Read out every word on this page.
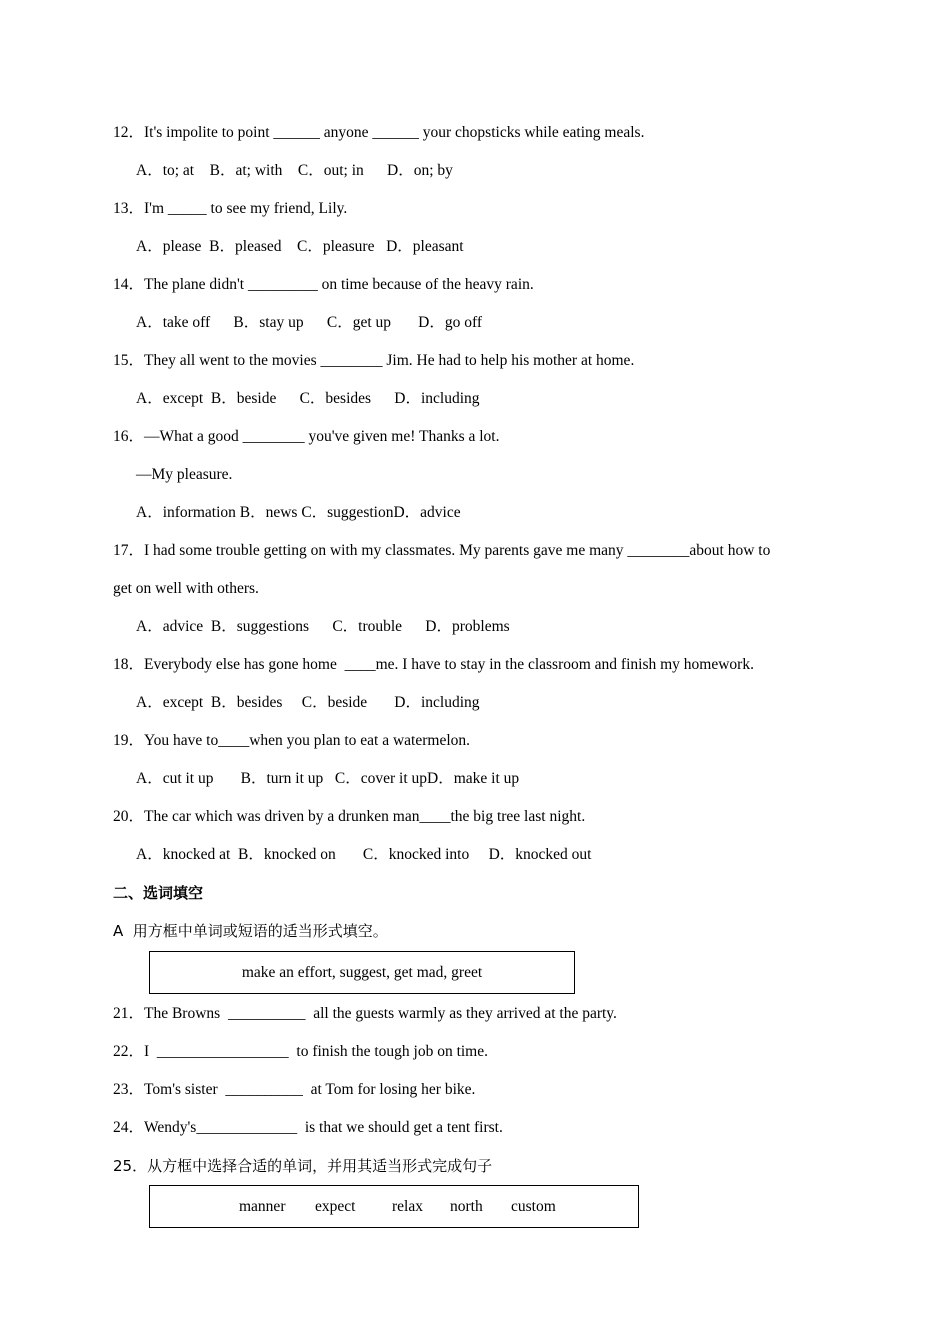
12．It's impolite to point ______ anyone ______ your chopsticks while eating meals.
A．to; at    B．at; with    C．out; in      D．on; by
13．I'm _____ to see my friend, Lily.
A．please  B．pleased    C．pleasure   D．pleasant
14．The plane didn't _________ on time because of the heavy rain.
A．take off      B．stay up      C．get up       D．go off
15．They all went to the movies ________ Jim. He had to help his mother at home.
A．except  B．beside      C．besides      D．including
16．—What a good ________ you've given me! Thanks a lot.
—My pleasure.
A．information B．news C．suggestionD．advice
17．I had some trouble getting on with my classmates. My parents gave me many ________about how to
get on well with others.
A．advice  B．suggestions      C．trouble      D．problems
18．Everybody else has gone home  ____me. I have to stay in the classroom and finish my homework.
A．except  B．besides     C．beside       D．including
19．You have to____when you plan to eat a watermelon.
A．cut it up       B．turn it up   C．cover it upD．make it up
20．The car which was driven by a drunken man____the big tree last night.
A．knocked at  B．knocked on       C．knocked into     D．knocked out
二、选词填空
A  用方框中单词或短语的适当形式填空。
make an effort, suggest, get mad, greet
21．The Browns  __________  all the guests warmly as they arrived at the party.
22．I  _________________  to finish the tough job on time.
23．Tom's sister  __________  at Tom for losing her bike.
24．Wendy's_____________  is that we should get a tent first.
25．从方框中选择合适的单词，并用其适当形式完成句子
manner expect relax north custom
